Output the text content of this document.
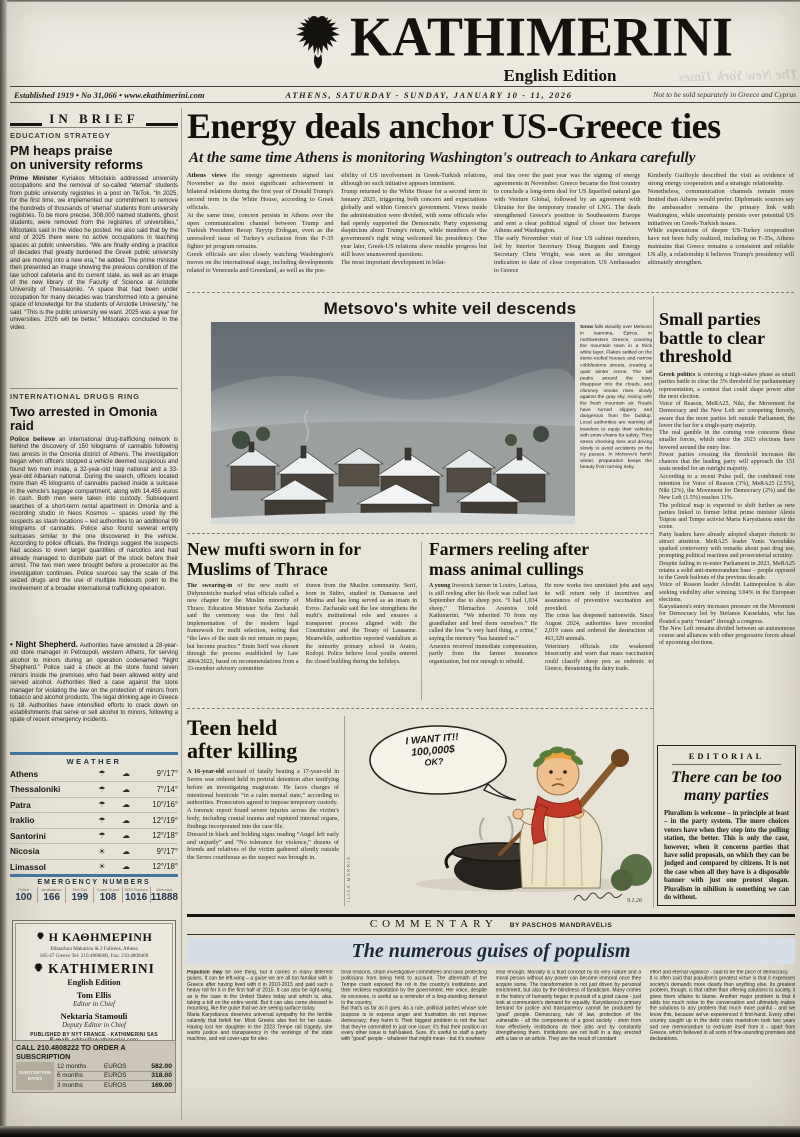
KATHIMERINI
English Edition	The New York Times
Established 1919 • No 31,066 • www.ekathimerini.com	ATHENS, SATURDAY - SUNDAY, JANUARY 10 - 11, 2026	Not to be sold separately in Greece and Cyprus
IN BRIEF
EDUCATION STRATEGY
PM heaps praise
on university reforms
Prime Minister Kyriakos Mitsotakis addressed university occupations and the removal of so-called “eternal” students from public university registries in a post on TikTok. “In 2025, for the first time, we implemented our commitment to remove the hundreds of thousands of ‘eternal’ students from university registries. To be more precise, 308,000 named students, ghost students, were removed from the registries of universities,” Mitsotakis said in the video he posted. He also said that by the end of 2025 there were no active occupations in teaching spaces at public universities. “We are finally ending a practice of decades that greatly burdened the Greek public university and are moving into a new era,” he added. The prime minister then presented an image showing the previous condition of the law school cafeteria and its current state, as well as an image of the new library of the Faculty of Science at Aristotle University of Thessaloniki. “A space that had been under occupation for many decades was transformed into a genuine space of knowledge for the students of Aristotle University,” he said. “This is the public university we want. 2025 was a year for universities. 2026 will be better,” Mitsotakis concluded in the video.
INTERNATIONAL DRUGS RING
Two arrested in Omonia raid
Police believe an international drug-trafficking network is behind the discovery of 150 kilograms of cannabis following two arrests in the Omonia district of Athens. The investigation began when officers stopped a vehicle deemed suspicious and found two men inside, a 32-year-old Iraqi national and a 33-year-old Albanian national. During the search, officers located more than 45 kilograms of cannabis packed inside a suitcase in the vehicle's luggage compartment, along with 14,455 euros in cash. Both men were taken into custody. Subsequent searches of a short-term rental apartment in Omonia and a recording studio in Neos Kosmos – spaces used by the suspects as stash locations – led authorities to an additional 99 kilograms of cannabis. Police also found several empty suitcases similar to the one discovered in the vehicle. According to police officials, the findings suggest the suspects had access to even larger quantities of narcotics and had already managed to distribute part of the stock before their arrest. The two men were brought before a prosecutor as the investigation continues. Police sources say the scale of the seized drugs and the use of multiple hideouts point to the involvement of a broader international trafficking operation.
• Night Shepherd. Authorities have arrested a 28-year-old store manager in Petroupoli, western Athens, for serving alcohol to minors during an operation codenamed “Night Shepherd.” Police said a check at the store found seven minors inside the premises who had been allowed entry and served alcohol. Authorities filed a case against the store manager for violating the law on the protection of minors from tobacco and alcohol products. The legal drinking age in Greece is 18. Authorities have intensified efforts to crack down on establishments that serve or sell alcohol to minors, following a spate of recent emergency incidents.
WEATHER
Athens	☂	☁	9°/17°
Thessaloniki	☂	☁	7°/14°
Patra	☂	☁	10°/16°
Iraklio	☂	☁	12°/19°
Santorini	☂	☁	12°/18°
Nicosia	☀	☁	9°/17°
Limassol	☀	☁	12°/18°
EMERGENCY NUMBERS
Police
100
Ambulance
166
Fire Dpt
199
Coast Guard
108
SOS Doctors
1016
Directory
11888
Η ΚΑΘΗΜΕΡΙΝΗ
Ethnarhou Makariou & 2 Falireos, Athens
185-47 Greece Tel: 210.4808000, Fax: 210.4808460
KATHIMERINI
English Edition
Tom Ellis
Editor in Chief
Nektaria Stamouli
Deputy Editor in Chief
PUBLISHED BY NYT FRANCE - KATHIMERINI SAS
CALL 210.4808222 TO ORDER A SUBSCRIPTION
SUBSCRIPTION RATES
12 months	EUROS	582.00
6 months	EUROS	318.00
3 months	EUROS	169.00
Energy deals anchor US-Greece ties
At the same time Athens is monitoring Washington's outreach to Ankara carefully
Athens views the energy agreements signed last November as the most significant achievement in bilateral relations during the first year of Donald Trump's second term in the White House, according to Greek officials.
At the same time, concern persists in Athens over the open communication channel between Trump and Turkish President Recep Tayyip Erdogan, even as the unresolved issue of Turkey's exclusion from the F-35 fighter jet program remains.
Greek officials are also closely watching Washington's moves on the international stage, including developments related to Venezuela and Greenland, as well as the pos-
sibility of US involvement in Greek-Turkish relations, although no such initiative appears imminent.
Trump returned to the White House for a second term in January 2025, triggering both concern and expectations globally and within Greece's government. Views inside the administration were divided, with some officials who had openly supported the Democratic Party expressing skepticism about Trump's return, while members of the government's right wing welcomed his presidency. One year later, Greek-US relations show notable progress but still leave unanswered questions.
The most important development in bilat-
eral ties over the past year was the signing of energy agreements in November. Greece became the first country to conclude a long-term deal for US liquefied natural gas with Venture Global, followed by an agreement with Ukraine for the temporary transfer of LNG. The deals strengthened Greece's position in Southeastern Europe and sent a clear political signal of closer ties between Athens and Washington.
The early November visit of four US cabinet members, led by Interior Secretary Doug Burgum and Energy Secretary Chris Wright, was seen as the strongest indication to date of close cooperation. US Ambassador to Greece
Kimberly Guilfoyle described the visit as evidence of strong energy cooperation and a strategic relationship.
Nonetheless, communication channels remain more limited than Athens would prefer. Diplomatic sources say the ambassador remains the primary link with Washington, while uncertainty persists over potential US initiatives on Greek-Turkish issues.
While expectations of deeper US-Turkey cooperation have not been fully realized, including on F-35s, Athens maintains that Greece remains a consistent and reliable US ally, a relationship it believes Trump's presidency will ultimately strengthen.
Metsovo's white veil descends
Snow falls steadily over Metsovo in Ioannina, Epirus, in northwestern Greece, covering the mountain town in a thick white layer. Flakes settled on the stone-roofed houses and narrow cobblestone streets, creating a quiet winter scene. The tall peaks around the town disappear into the clouds, and chimney smoke rises slowly against the gray sky, mixing with the fresh mountain air. Roads have turned slippery and dangerous from the buildup. Local authorities are warning all travelers to equip their vehicles with snow chains for safety. They stress checking tires and driving slowly to avoid accidents on the icy passes. In Metsovo's harsh winter, preparation keeps the beauty from turning risky.
Small parties
battle to clear
threshold
Greek politics is entering a high-stakes phase as small parties battle to clear the 3% threshold for parliamentary representation, a contest that could shape power after the next election.
Voice of Reason, MeRA25, Niki, the Movement for Democracy and the New Left are competing fiercely, aware that the more parties left outside Parliament, the lower the bar for a single-party majority.
The real gamble in the coming vote concerns these smaller forces, which since the 2023 elections have hovered around the entry line.
Fewer parties crossing the threshold increases the chances that the leading party will approach the 151 seats needed for an outright majority.
According to a recent Pulse poll, the combined vote intention for Voice of Reason (3%), MeRA25 (2.5%), Niki (2%), the Movement for Democracy (2%) and the New Left (1.5%) reaches 11%.
The political map is expected to shift further as new parties linked to former leftist prime minister Alexis Tsipras and Tempe activist Maria Karystianou enter the scene.
Party leaders have already adopted sharper rhetoric to attract attention. MeRA25 leader Yanis Varoufakis sparked controversy with remarks about past drug use, prompting political reactions and prosecutorial scrutiny.
Despite failing to re-enter Parliament in 2023, MeRA25 retains a solid anti-memorandum base – people opposed to the Greek bailouts of the previous decade.
Voice of Reason leader Afroditi Latinopoulou is also seeking visibility after winning 3.04% in the European elections.
Karystianou's entry increases pressure on the Movement for Democracy led by Stefanos Kasselakis, who has floated a party “restart” through a congress.
The New Left remains divided between an autonomous course and alliances with other progressive forces ahead of upcoming elections.
New mufti sworn in for
Muslims of Thrace
The swearing-in of the new mufti of Didymoteicho marked what officials called a new chapter for the Muslim minority of Thrace. Education Minister Sofia Zacharaki said the ceremony was the first full implementation of the modern legal framework for mufti selection, noting that “the laws of the state do not remain on paper, but become practice.” Emin Serif was chosen through the process established by Law 4964/2022, based on recommendations from a 33-member advisory committee
drawn from the Muslim community. Serif, born in Sidiro, studied in Damascus and Medina and has long served as an imam in Evros. Zacharaki said the law strengthens the mufti's institutional role and ensures a transparent process aligned with the Constitution and the Treaty of Lausanne. Meanwhile, authorities reported vandalism at the minority primary school in Aratos, Rodopi. Police believe local youths entered the closed building during the holidays.
Farmers reeling after
mass animal cullings
A young livestock farmer in Loutro, Larissa, is still reeling after his flock was culled last September due to sheep pox. “I had 1,034 sheep,” Tilemachos Arsenios told Kathimerini. “We inherited 70 from my grandfather and bred them ourselves.” He called the loss “a very hard thing, a crime,” saying the memory “has haunted us.”
Arsenios received immediate compensation, partly from the farmer insurance organization, but not enough to rebuild.
He now works two unrelated jobs and says he will return only if incentives and assurances of preventive vaccination are provided.
The crisis has deepened nationwide. Since August 2024, authorities have recorded 2,019 cases and ordered the destruction of 463,329 animals.
Veterinary officials cite weakened biosecurity and warn that mass vaccination could classify sheep pox as endemic to Greece, threatening the dairy trade.
Teen held
after killing
A 16-year-old accused of fatally beating a 17-year-old in Serres was ordered held in pretrial detention after testifying before an investigating magistrate. He faces charges of intentional homicide “in a calm mental state,” according to authorities. Prosecutors agreed to impose temporary custody.
A forensic report found severe injuries across the victim's body, including cranial trauma and ruptured internal organs, findings incorporated into the case file.
Dressed in black and holding signs reading “Angel left early and unjustly” and “No tolerance for violence,” dozens of friends and relatives of the victim gathered silently outside the Serres courthouse as the suspect was brought in.
I WANT IT!!
100,000$
OK?
ILIAS MAKRIS	9.1.26
EDITORIAL
There can be too
many parties
Pluralism is welcome – in principle at least – in the party system. The more choices voters have when they step into the polling station, the better. This is only the case, however, when it concerns parties that have solid proposals, on which they can be judged and compared by citizens. It is not the case when all they have is a disposable banner with just one protest slogan. Pluralism in nihilism is something we can do without.
COMMENTARY BY PASCHOS MANDRAVELIS
The numerous guises of populism
Populism may be one thing, but it comes in many different guises. It can be left-wing – a guise we are all too familiar with in Greece after having lived with it in 2010-2015 and paid such a heavy toll for it in the first half of 2015. It can also be right-wing, as is the case in the United States today and which is, alas, taking a toll on the entire world. But it can also come dressed in mourning, like the guise that we are seeing surface today.
Maria Karystianou deserves universal sympathy for the terrible calamity that befell her. Most Greeks also feel for her cause. Having lost her daughter in the 2023 Tempe rail tragedy, she wants justice and transparency in the workings of the state machine, and not cover-ups for elec-
toral reasons, sham investigative committees and laws protecting politicians from being held to account. The aftermath of the Tempe crash exposed the rot in the country's institutions and their reckless exploitation by the government. Her voice, despite its excesses, is useful as a reminder of a long-standing demand in the country.
But that's as far as it goes. As a rule, political parties whose sole purpose is to express anger and frustration do not improve democracy; they harm it. Their biggest problem is not the fact that they're committed to just one issue; it's that their position on every other issue is half-baked. Sure, it's useful to staff a party with “good” people - whatever that might mean - but it's nowhere
near enough. Morality is a fluid concept by its very nature and a moral person without any power can become immoral once they acquire some. The transformation is not just driven by personal enrichment, but also by the blindness of fanaticism. Many crimes in the history of humanity began in pursuit of a good cause - just look at communism's demand for equality. Karystianou's primary demand for justice and transparency cannot be produced by “good” people. Democracy, rule of law, protection of the vulnerable - all the components of a good society - stem from how effectively institutions do their jobs and by constantly strengthening them. Institutions are not built in a day, erected with a law or an article. They are the result of constant
effort and eternal vigilance - said to be the price of democracy.
It is often said that populism's greatest virtue is that it expresses society's demands more clearly than anything else. Its greatest problem, though, is that rather than offering solutions to society, i gives them villains to blame. Another major problem is that i adds too much noise to the conversation and ultimately makes the solutions to any problem that much more painful - and we know this, because we've experienced it first-hand. Every other country caught up in the debt crisis maelstrom took two years and one memorandum to extricate itself from it - apart from Greece, which believed in all sorts of fine-sounding promises and declarations.
